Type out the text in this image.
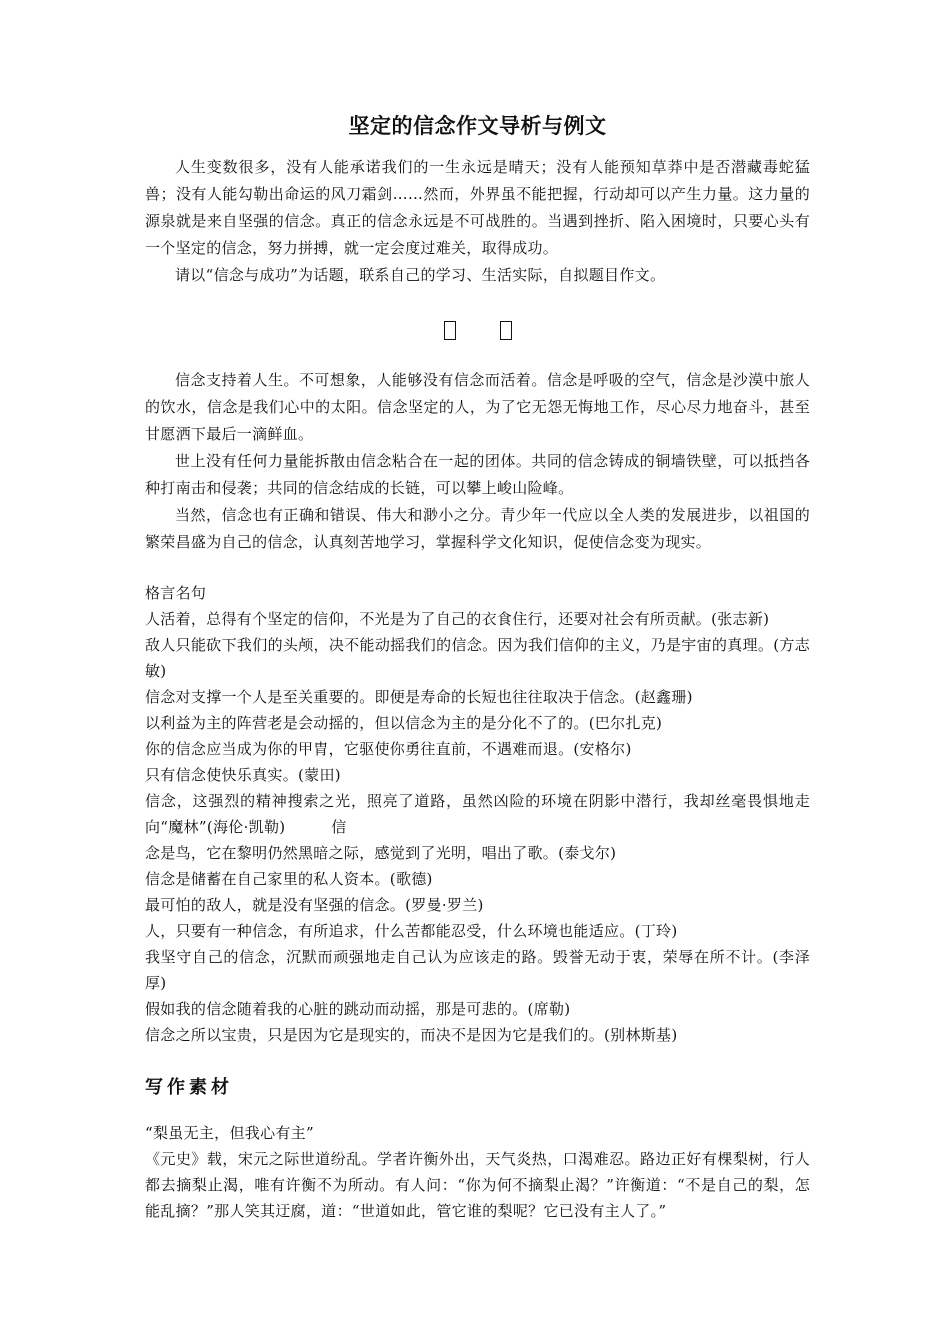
坚定的信念作文导析与例文

人生变数很多，没有人能承诺我们的一生永远是晴天；没有人能预知草莽中是否潜藏毒蛇猛兽；没有人能勾勒出命运的风刀霜剑……然而，外界虽不能把握，行动却可以产生力量。这力量的源泉就是来自坚强的信念。真正的信念永远是不可战胜的。当遇到挫折、陷入困境时，只要心头有一个坚定的信念，努力拼搏，就一定会度过难关，取得成功。

请以“信念与成功”为话题，联系自己的学习、生活实际，自拟题目作文。

信念支持着人生。不可想象，人能够没有信念而活着。信念是呼吸的空气，信念是沙漠中旅人的饮水，信念是我们心中的太阳。信念坚定的人，为了它无怨无悔地工作，尽心尽力地奋斗，甚至甘愿洒下最后一滴鲜血。

世上没有任何力量能拆散由信念粘合在一起的团体。共同的信念铸成的铜墙铁壁，可以抵挡各种打南击和侵袭；共同的信念结成的长链，可以攀上峻山险峰。

当然，信念也有正确和错误、伟大和渺小之分。青少年一代应以全人类的发展进步，以祖国的繁荣昌盛为自己的信念，认真刻苦地学习，掌握科学文化知识，促使信念变为现实。

格言名句

人活着，总得有个坚定的信仰，不光是为了自己的衣食住行，还要对社会有所贡献。(张志新)

敌人只能砍下我们的头颅，决不能动摇我们的信念。因为我们信仰的主义，乃是宇宙的真理。(方志敏)

信念对支撑一个人是至关重要的。即便是寿命的长短也往往取决于信念。(赵鑫珊)

以利益为主的阵营老是会动摇的，但以信念为主的是分化不了的。(巴尔扎克)

你的信念应当成为你的甲胄，它驱使你勇往直前，不遇难而退。(安格尔)

只有信念使快乐真实。(蒙田)

信念，这强烈的精神搜索之光，照亮了道路，虽然凶险的环境在阴影中潜行，我却丝毫畏惧地走向“魔林”(海伦·凯勒)　　　信

念是鸟，它在黎明仍然黑暗之际，感觉到了光明，唱出了歌。(泰戈尔)

信念是储蓄在自己家里的私人资本。(歌德)

最可怕的敌人，就是没有坚强的信念。(罗曼·罗兰)

人，只要有一种信念，有所追求，什么苦都能忍受，什么环境也能适应。(丁玲)

我坚守自己的信念，沉默而顽强地走自己认为应该走的路。毁誉无动于衷，荣辱在所不计。(李泽厚)

假如我的信念随着我的心脏的跳动而动摇，那是可悲的。(席勒)

信念之所以宝贵，只是因为它是现实的，而决不是因为它是我们的。(别林斯基)

写作素材

“梨虽无主，但我心有主”

《元史》载，宋元之际世道纷乱。学者许衡外出，天气炎热，口渴难忍。路边正好有棵梨树，行人都去摘梨止渴，唯有许衡不为所动。有人问：“你为何不摘梨止渴？”许衡道：“不是自己的梨，怎能乱摘？”那人笑其迂腐，道：“世道如此，管它谁的梨呢？它已没有主人了。”
